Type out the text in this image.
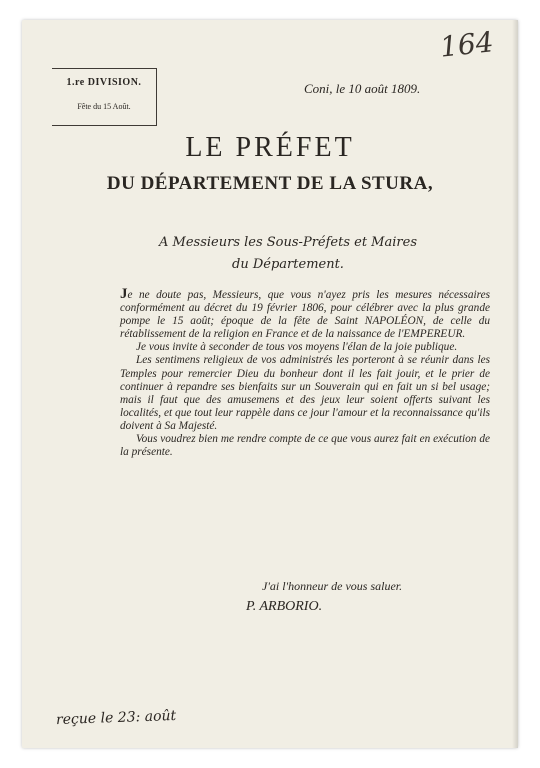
164

1.re DIVISION.

Fête du 15 Août.

Coni, le 10 août 1809.

LE PRÉFET

DU DÉPARTEMENT DE LA STURA,

A Messieurs les Sous-Préfets et Maires
du Département.

Je ne doute pas, Messieurs, que vous n'ayez pris les mesures nécessaires conformément au décret du 19 février 1806, pour célébrer avec la plus grande pompe le 15 août; époque de la fête de Saint NAPOLÉON, de celle du rétablissement de la religion en France et de la naissance de l'EMPEREUR.

Je vous invite à seconder de tous vos moyens l'élan de la joie publique.

Les sentimens religieux de vos administrés les porteront à se réunir dans les Temples pour remercier Dieu du bonheur dont il les fait jouir, et le prier de continuer à repandre ses bienfaits sur un Souverain qui en fait un si bel usage; mais il faut que des amusemens et des jeux leur soient offerts suivant les localités, et que tout leur rappèle dans ce jour l'amour et la reconnaissance qu'ils doivent à Sa Majesté.

Vous voudrez bien me rendre compte de ce que vous aurez fait en exécution de la présente.

J'ai l'honneur de vous saluer.

P. ARBORIO.

reçue le 23: août
